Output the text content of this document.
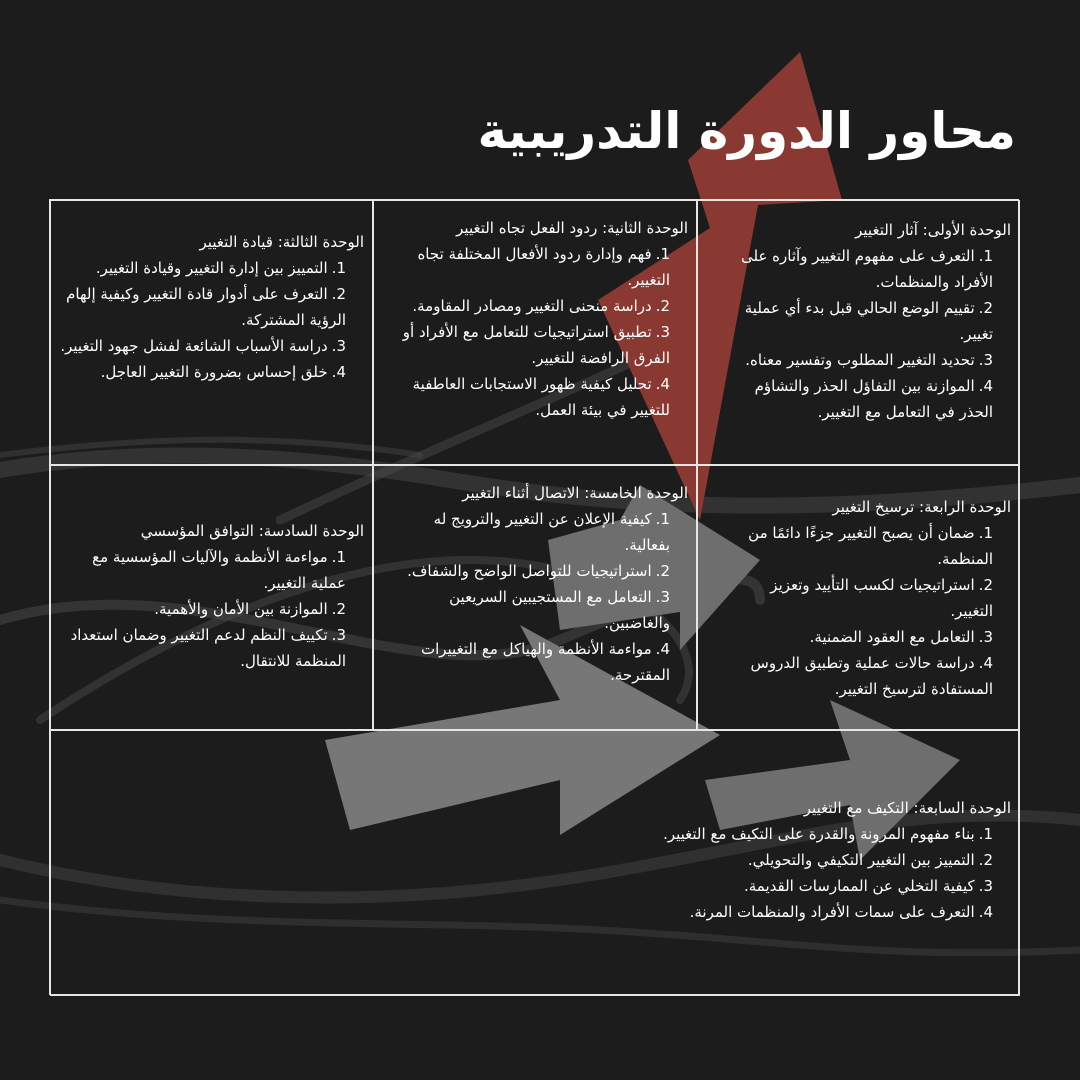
محاور الدورة التدريبية

الوحدة الأولى: آثار التغيير

1.التعرف على مفهوم التغيير وآثاره على الأفراد والمنظمات.
2.تقييم الوضع الحالي قبل بدء أي عملية تغيير.
3.تحديد التغيير المطلوب وتفسير معناه.
4.الموازنة بين التفاؤل الحذر والتشاؤم الحذر في التعامل مع التغيير.

الوحدة الثانية: ردود الفعل تجاه التغيير

1.فهم وإدارة ردود الأفعال المختلفة تجاه التغيير.
2.دراسة منحنى التغيير ومصادر المقاومة.
3.تطبيق استراتيجيات للتعامل مع الأفراد أو الفرق الرافضة للتغيير.
4.تحليل كيفية ظهور الاستجابات العاطفية للتغيير في بيئة العمل.

الوحدة الثالثة: قيادة التغيير

1.التمييز بين إدارة التغيير وقيادة التغيير.
2.التعرف على أدوار قادة التغيير وكيفية إلهام الرؤية المشتركة.
3.دراسة الأسباب الشائعة لفشل جهود التغيير.
4.خلق إحساس بضرورة التغيير العاجل.

الوحدة الرابعة: ترسيخ التغيير

1.ضمان أن يصبح التغيير جزءًا دائمًا من المنظمة.
2.استراتيجيات لكسب التأييد وتعزيز التغيير.
3.التعامل مع العقود الضمنية.
4.دراسة حالات عملية وتطبيق الدروس المستفادة لترسيخ التغيير.

الوحدة الخامسة: الاتصال أثناء التغيير

1.كيفية الإعلان عن التغيير والترويج له بفعالية.
2.استراتيجيات للتواصل الواضح والشفاف.
3.التعامل مع المستجيبين السريعين والغاضبين.
4.مواءمة الأنظمة والهياكل مع التغييرات المقترحة.

الوحدة السادسة: التوافق المؤسسي

1.مواءمة الأنظمة والآليات المؤسسية مع عملية التغيير.
2.الموازنة بين الأمان والأهمية.
3.تكييف النظم لدعم التغيير وضمان استعداد المنظمة للانتقال.

الوحدة السابعة: التكيف مع التغيير

1.بناء مفهوم المرونة والقدرة على التكيف مع التغيير.
2.التمييز بين التغيير التكيفي والتحويلي.
3.كيفية التخلي عن الممارسات القديمة.
4.التعرف على سمات الأفراد والمنظمات المرنة.
